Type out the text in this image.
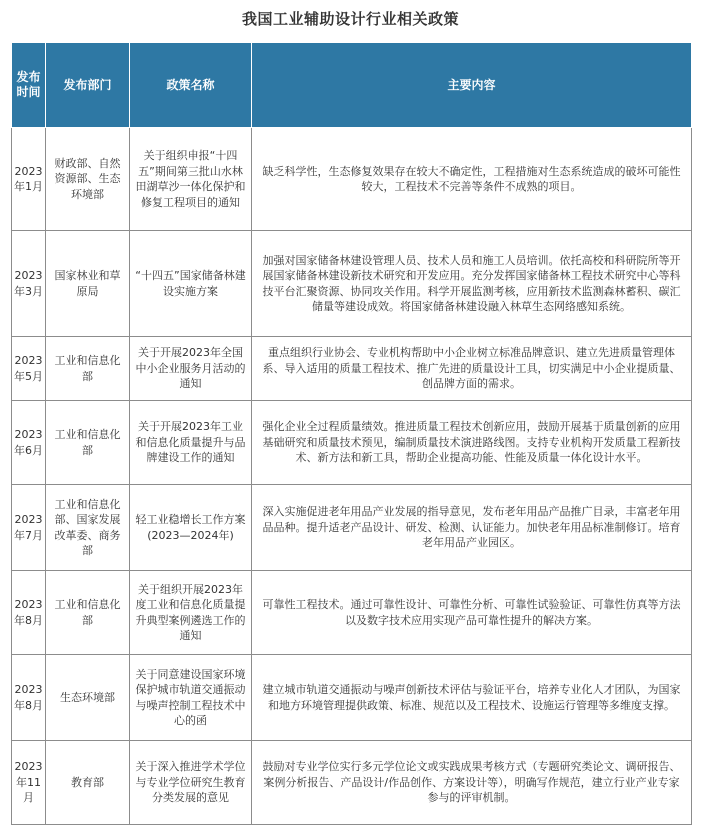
我国工业辅助设计行业相关政策
发布时间	发布部门	政策名称	主要内容
2023年1月	财政部、自然资源部、生态环境部	关于组织申报“十四五”期间第三批山水林田湖草沙一体化保护和修复工程项目的通知	缺乏科学性，生态修复效果存在较大不确定性，工程措施对生态系统造成的破坏可能性较大，工程技术不完善等条件不成熟的项目。
2023年3月	国家林业和草原局	“十四五”国家储备林建设实施方案	加强对国家储备林建设管理人员、技术人员和施工人员培训。依托高校和科研院所等开展国家储备林建设新技术研究和开发应用。充分发挥国家储备林工程技术研究中心等科技平台汇聚资源、协同攻关作用。科学开展监测考核，应用新技术监测森林蓄积、碳汇储量等建设成效。将国家储备林建设融入林草生态网络感知系统。
2023年5月	工业和信息化部	关于开展2023年全国中小企业服务月活动的通知	重点组织行业协会、专业机构帮助中小企业树立标准品牌意识、建立先进质量管理体系、导入适用的质量工程技术、推广先进的质量设计工具，切实满足中小企业提质量、创品牌方面的需求。
2023年6月	工业和信息化部	关于开展2023年工业和信息化质量提升与品牌建设工作的通知	强化企业全过程质量绩效。推进质量工程技术创新应用，鼓励开展基于质量创新的应用基础研究和质量技术预见，编制质量技术演进路线图。支持专业机构开发质量工程新技术、新方法和新工具，帮助企业提高功能、性能及质量一体化设计水平。
2023年7月	工业和信息化部、国家发展改革委、商务部	轻工业稳增长工作方案(2023—2024年)	深入实施促进老年用品产业发展的指导意见，发布老年用品产品推广目录，丰富老年用品品种。提升适老产品设计、研发、检测、认证能力。加快老年用品标准制修订。培育老年用品产业园区。
2023年8月	工业和信息化部	关于组织开展2023年度工业和信息化质量提升典型案例遴选工作的通知	可靠性工程技术。通过可靠性设计、可靠性分析、可靠性试验验证、可靠性仿真等方法以及数字技术应用实现产品可靠性提升的解决方案。
2023年8月	生态环境部	关于同意建设国家环境保护城市轨道交通振动与噪声控制工程技术中心的函	建立城市轨道交通振动与噪声创新技术评估与验证平台，培养专业化人才团队，为国家和地方环境管理提供政策、标准、规范以及工程技术、设施运行管理等多维度支撑。
2023年11月	教育部	关于深入推进学术学位与专业学位研究生教育分类发展的意见	鼓励对专业学位实行多元学位论文或实践成果考核方式（专题研究类论文、调研报告、案例分析报告、产品设计/作品创作、方案设计等），明确写作规范，建立行业产业专家参与的评审机制。
